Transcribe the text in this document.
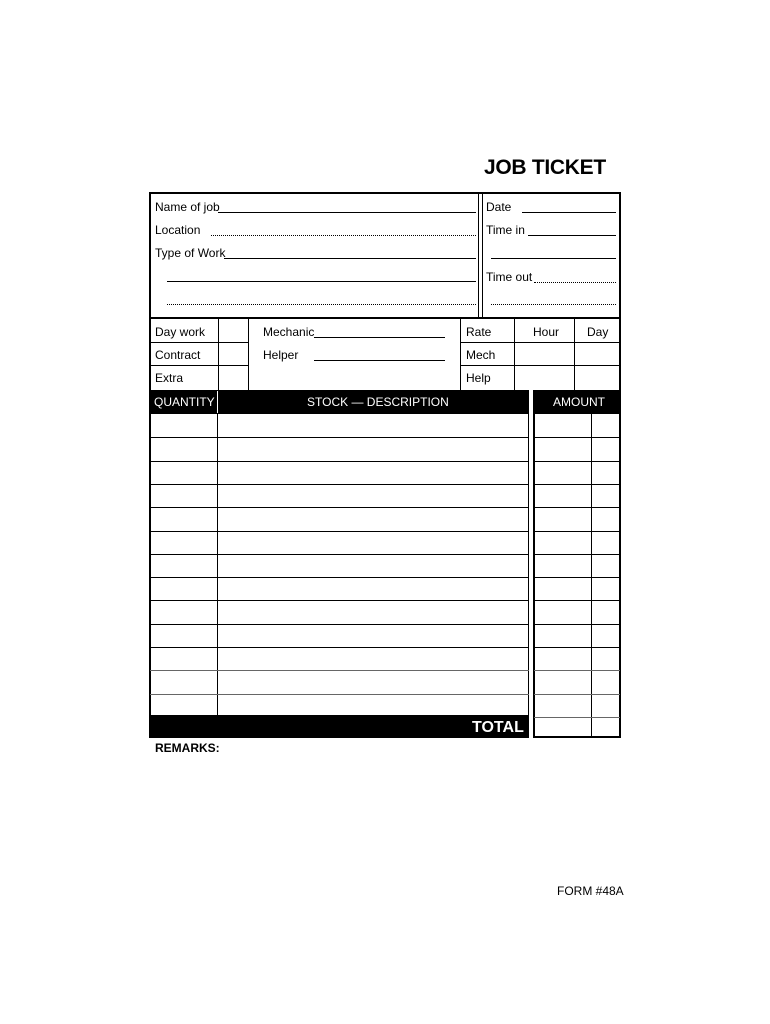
JOB TICKET
Name of job
Location
Type of Work
Date
Time in
Time out
Day work
Contract
Extra
Mechanic
Helper
Rate	Hour Day
Mech
Help
QUANTITY	STOCK — DESCRIPTION	AMOUNT
TOTAL
REMARKS:
FORM #48A
